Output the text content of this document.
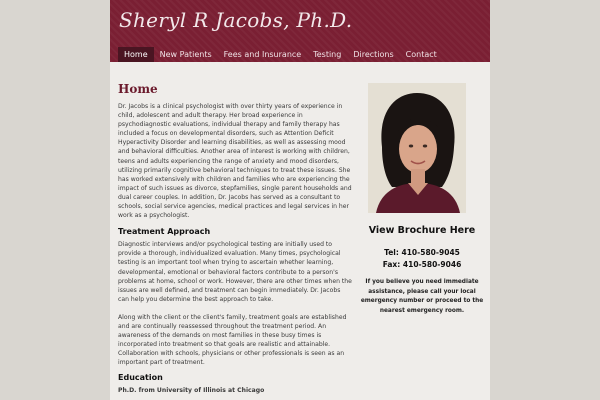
Sheryl R Jacobs, Ph.D.
Home	New Patients	Fees and Insurance	Testing	Directions	Contact
Home

Dr. Jacobs is a clinical psychologist with over thirty years of experience in child, adolescent and adult therapy. Her broad experience in psychodiagnostic evaluations, individual therapy and family therapy has included a focus on developmental disorders, such as Attention Deficit Hyperactivity Disorder and learning disabilities, as well as assessing mood and behavioral difficulties. Another area of interest is working with children, teens and adults experiencing the range of anxiety and mood disorders, utilizing primarily cognitive behavioral techniques to treat these issues. She has worked extensively with children and families who are experiencing the impact of such issues as divorce, stepfamilies, single parent households and dual career couples. In addition, Dr. Jacobs has served as a consultant to schools, social service agencies, medical practices and legal services in her work as a psychologist.

Treatment Approach

Diagnostic interviews and/or psychological testing are initially used to provide a thorough, individualized evaluation. Many times, psychological testing is an important tool when trying to ascertain whether learning, developmental, emotional or behavioral factors contribute to a person's problems at home, school or work. However, there are other times when the issues are well defined, and treatment can begin immediately. Dr. Jacobs can help you determine the best approach to take.

Along with the client or the client's family, treatment goals are established and are continually reassessed throughout the treatment period. An awareness of the demands on most families in these busy times is incorporated into treatment so that goals are realistic and attainable. Collaboration with schools, physicians or other professionals is seen as an important part of treatment.

Education

Ph.D. from University of Illinois at Chicago

View Brochure Here
Tel: 410-580-9045
Fax: 410-580-9046
If you believe you need immediate assistance, please call your local emergency number or proceed to the nearest emergency room.
